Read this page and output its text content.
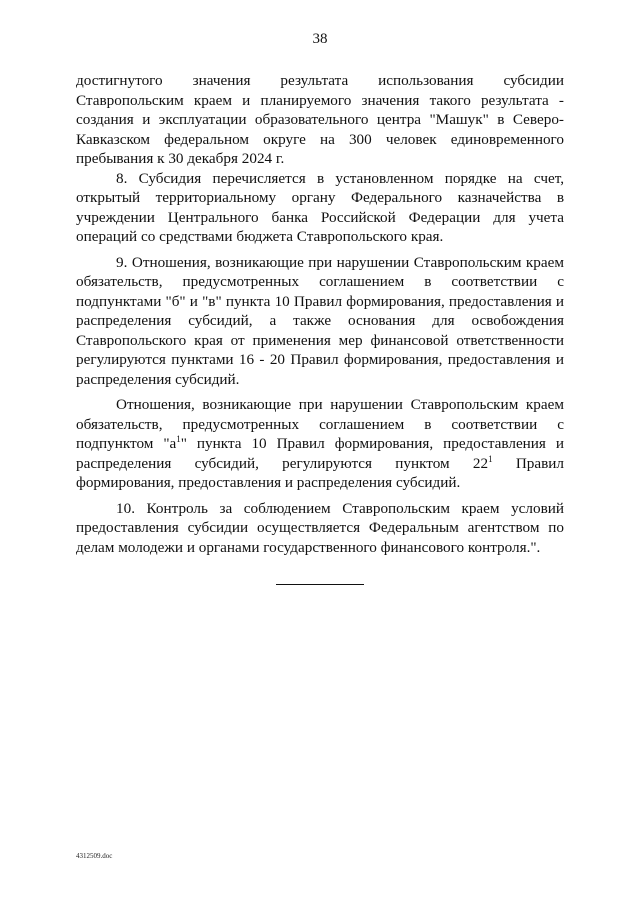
38

достигнутого значения результата использования субсидии Ставропольским краем и планируемого значения такого результата - создания и эксплуатации образовательного центра "Машук" в Северо-Кавказском федеральном округе на 300 человек единовременного пребывания к 30 декабря 2024 г.

8. Субсидия перечисляется в установленном порядке на счет, открытый территориальному органу Федерального казначейства в учреждении Центрального банка Российской Федерации для учета операций со средствами бюджета Ставропольского края.

9. Отношения, возникающие при нарушении Ставропольским краем обязательств, предусмотренных соглашением в соответствии с подпунктами "б" и "в" пункта 10 Правил формирования, предоставления и распределения субсидий, а также основания для освобождения Ставропольского края от применения мер финансовой ответственности регулируются пунктами 16 - 20 Правил формирования, предоставления и распределения субсидий.

Отношения, возникающие при нарушении Ставропольским краем обязательств, предусмотренных соглашением в соответствии с подпунктом "$а^1$" пункта 10 Правил формирования, предоставления и распределения субсидий, регулируются пунктом $22^1$ Правил формирования, предоставления и распределения субсидий.

10. Контроль за соблюдением Ставропольским краем условий предоставления субсидии осуществляется Федеральным агентством по делам молодежи и органами государственного финансового контроля.".

4312509.doc
